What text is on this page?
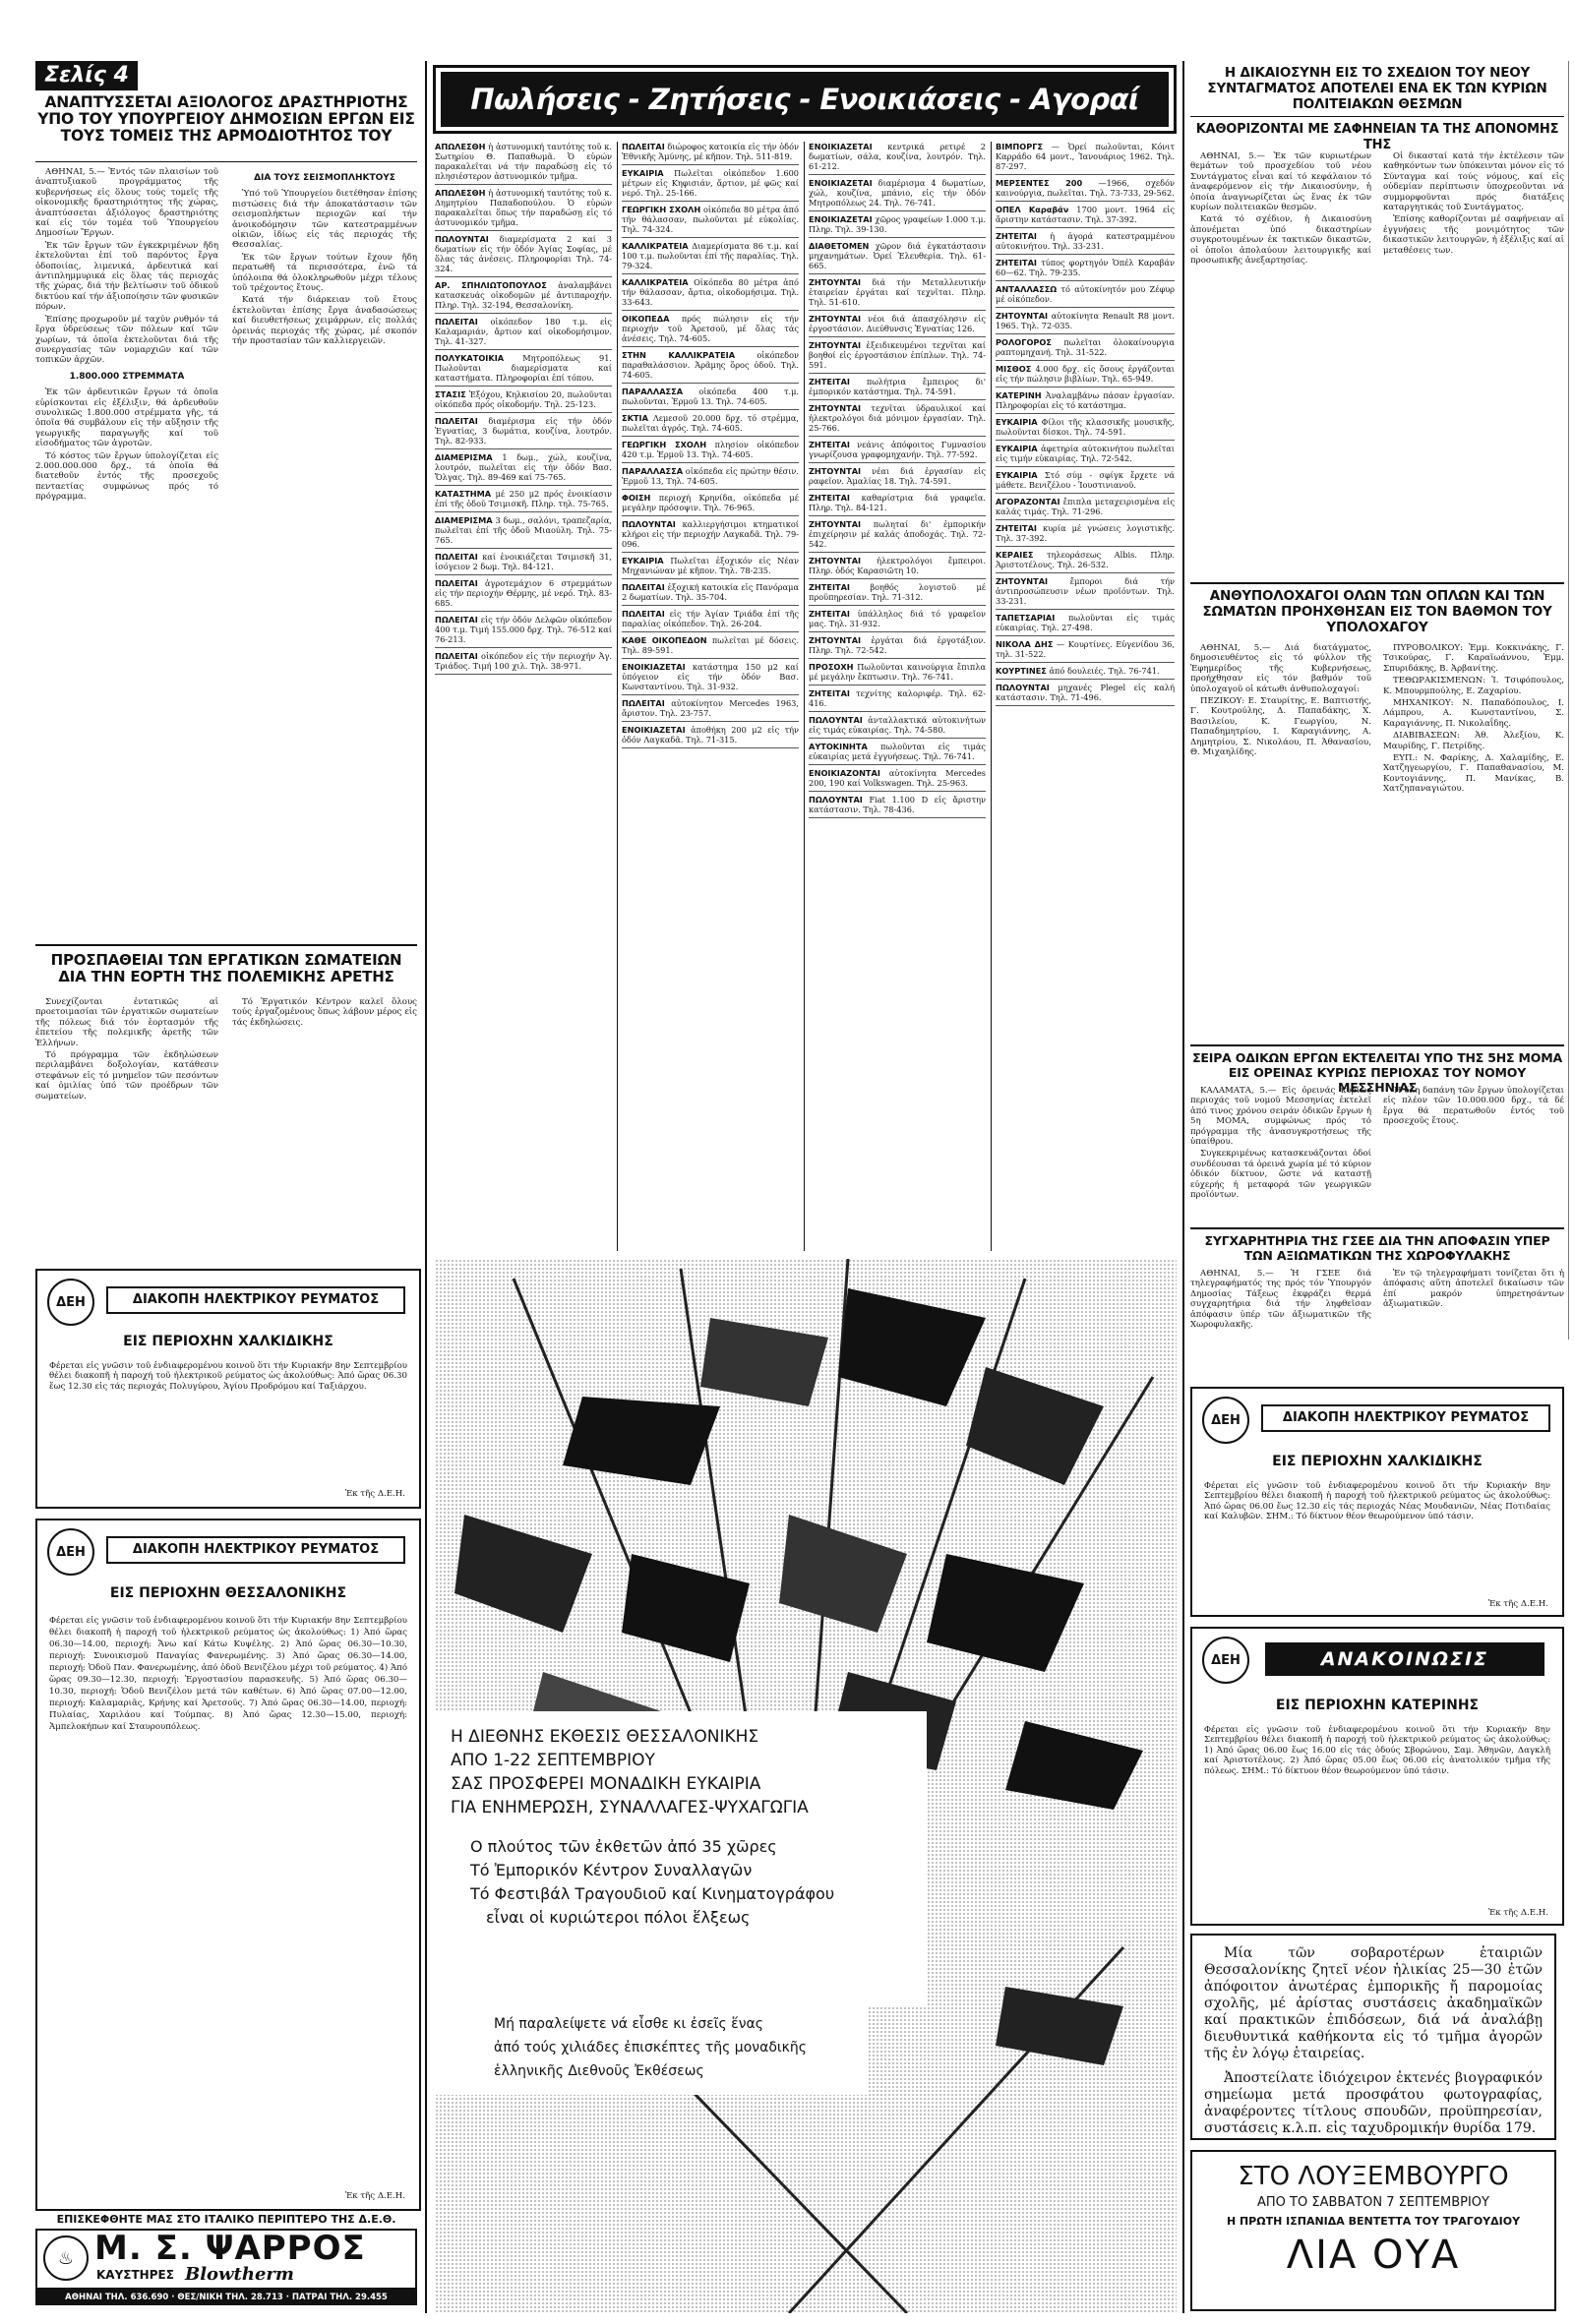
Σελίς 4
ΑΝΑΠΤΥΣΣΕΤΑΙ ΑΞΙΟΛΟΓΟΣ ΔΡΑΣΤΗΡΙΟΤΗΣ ΥΠΟ ΤΟΥ ΥΠΟΥΡΓΕΙΟΥ ΔΗΜΟΣΙΩΝ ΕΡΓΩΝ ΕΙΣ ΤΟΥΣ ΤΟΜΕΙΣ ΤΗΣ ΑΡΜΟΔΙΟΤΗΤΟΣ ΤΟΥ

ΑΘΗΝΑΙ, 5.— Ἐντός τῶν πλαισίων τοῦ ἀναπτυξιακοῦ προγράμματος τῆς κυβερνήσεως εἰς ὅλους τούς τομεῖς τῆς οἰκονομικῆς δραστηριότητος τῆς χώρας, ἀναπτύσσεται ἀξιόλογος δραστηριότης καί εἰς τόν τομέα τοῦ Ὑπουργείου Δημοσίων Ἔργων.

Ἐκ τῶν ἔργων τῶν ἐγκεκριμένων ἤδη ἐκτελοῦνται ἐπί τοῦ παρόντος ἔργα ὁδοποιίας, λιμενικά, ἀρδευτικά καί ἀντιπλημμυρικά εἰς ὅλας τάς περιοχάς τῆς χώρας, διά τήν βελτίωσιν τοῦ ὁδικοῦ δικτύου καί τήν ἀξιοποίησιν τῶν φυσικῶν πόρων.

Ἐπίσης προχωροῦν μέ ταχύν ρυθμόν τά ἔργα ὑδρεύσεως τῶν πόλεων καί τῶν χωρίων, τά ὁποῖα ἐκτελοῦνται διά τῆς συνεργασίας τῶν νομαρχιῶν καί τῶν τοπικῶν ἀρχῶν.

1.800.000 ΣΤΡΕΜΜΑΤΑ

Ἐκ τῶν ἀρδευτικῶν ἔργων τά ὁποῖα εὑρίσκονται εἰς ἐξέλιξιν, θά ἀρδευθοῦν συνολικῶς 1.800.000 στρέμματα γῆς, τά ὁποῖα θά συμβάλουν εἰς τήν αὔξησιν τῆς γεωργικῆς παραγωγῆς καί τοῦ εἰσοδήματος τῶν ἀγροτῶν.

Τό κόστος τῶν ἔργων ὑπολογίζεται εἰς 2.000.000.000 δρχ., τά ὁποῖα θά διατεθοῦν ἐντός τῆς προσεχοῦς πενταετίας συμφώνως πρός τό πρόγραμμα.

ΔΙΑ ΤΟΥΣ ΣΕΙΣΜΟΠΛΗΚΤΟΥΣ

Ὑπό τοῦ Ὑπουργείου διετέθησαν ἐπίσης πιστώσεις διά τήν ἀποκατάστασιν τῶν σεισμοπλήκτων περιοχῶν καί τήν ἀνοικοδόμησιν τῶν κατεστραμμένων οἰκιῶν, ἰδίως εἰς τάς περιοχάς τῆς Θεσσαλίας.

Ἐκ τῶν ἔργων τούτων ἔχουν ἤδη περατωθῆ τά περισσότερα, ἐνῶ τά ὑπόλοιπα θά ὁλοκληρωθοῦν μέχρι τέλους τοῦ τρέχοντος ἔτους.

Κατά τήν διάρκειαν τοῦ ἔτους ἐκτελοῦνται ἐπίσης ἔργα ἀναδασώσεως καί διευθετήσεως χειμάρρων, εἰς πολλάς ὀρεινάς περιοχάς τῆς χώρας, μέ σκοπόν τήν προστασίαν τῶν καλλιεργειῶν.

ΠΡΟΣΠΑΘΕΙΑΙ ΤΩΝ ΕΡΓΑΤΙΚΩΝ ΣΩΜΑΤΕΙΩΝ ΔΙΑ ΤΗΝ ΕΟΡΤΗ ΤΗΣ ΠΟΛΕΜΙΚΗΣ ΑΡΕΤΗΣ

Συνεχίζονται ἐντατικῶς αἱ προετοιμασίαι τῶν ἐργατικῶν σωματείων τῆς πόλεως διά τόν ἑορτασμόν τῆς ἐπετείου τῆς πολεμικῆς ἀρετῆς τῶν Ἑλλήνων.

Τό πρόγραμμα τῶν ἐκδηλώσεων περιλαμβάνει δοξολογίαν, κατάθεσιν στεφάνων εἰς τό μνημεῖον τῶν πεσόντων καί ὁμιλίας ὑπό τῶν προέδρων τῶν σωματείων.

Τό Ἐργατικόν Κέντρον καλεῖ ὅλους τούς ἐργαζομένους ὅπως λάβουν μέρος εἰς τάς ἐκδηλώσεις.

ΔΕΗ	ΔΙΑΚΟΠΗ ΗΛΕΚΤΡΙΚΟΥ ΡΕΥΜΑΤΟΣ
ΕΙΣ ΠΕΡΙΟΧΗΝ ΧΑΛΚΙΔΙΚΗΣ
Φέρεται εἰς γνῶσιν τοῦ ἐνδιαφερομένου κοινοῦ ὅτι τήν Κυριακήν 8ην Σεπτεμβρίου θέλει διακοπῆ ἡ παροχή τοῦ ἠλεκτρικοῦ ρεύματος ὡς ἀκολούθως: Ἀπό ὥρας 06.30 ἕως 12.30 εἰς τάς περιοχάς Πολυγύρου, Ἁγίου Προδρόμου καί Ταξιάρχου.
Ἐκ τῆς Δ.Ε.Η.
ΔΕΗ	ΔΙΑΚΟΠΗ ΗΛΕΚΤΡΙΚΟΥ ΡΕΥΜΑΤΟΣ
ΕΙΣ ΠΕΡΙΟΧΗΝ ΘΕΣΣΑΛΟΝΙΚΗΣ
Φέρεται εἰς γνῶσιν τοῦ ἐνδιαφερομένου κοινοῦ ὅτι τήν Κυριακήν 8ην Σεπτεμβρίου θέλει διακοπῆ ἡ παροχή τοῦ ἠλεκτρικοῦ ρεύματος ὡς ἀκολούθως: 1) Ἀπό ὥρας 06.30—14.00, περιοχή: Ἄνω καί Κάτω Κυψέλης. 2) Ἀπό ὥρας 06.30—10.30, περιοχή: Συνοικισμοῦ Παναγίας Φανερωμένης. 3) Ἀπό ὥρας 06.30—14.00, περιοχή: Ὁδοῦ Παν. Φανερωμένης, ἀπό ὁδοῦ Βενιζέλου μέχρι τοῦ ρεύματος. 4) Ἀπό ὥρας 09.30—12.30, περιοχή: Ἐργοστασίου παρασκευῆς. 5) Ἀπό ὥρας 06.30—10.30, περιοχή: Ὁδοῦ Βενιζέλου μετά τῶν καθέτων. 6) Ἀπό ὥρας 07.00—12.00, περιοχή: Καλαμαριᾶς, Κρήνης καί Ἀρετσοῦς. 7) Ἀπό ὥρας 06.30—14.00, περιοχή: Πυλαίας, Χαριλάου καί Τούμπας. 8) Ἀπό ὥρας 12.30—15.00, περιοχή: Ἀμπελοκήπων καί Σταυρουπόλεως.
Ἐκ τῆς Δ.Ε.Η.
ΕΠΙΣΚΕΦΘΗΤΕ ΜΑΣ ΣΤΟ ΙΤΑΛΙΚΟ ΠΕΡΙΠΤΕΡΟ ΤΗΣ Δ.Ε.Θ.
♨ Μ. Σ. ΨΑΡΡΟΣ
ΚΑΥΣΤΗΡΕΣ Blowtherm
ΑΘΗΝΑΙ ΤΗΛ. 636.690 · ΘΕΣ/ΝΙΚΗ ΤΗΛ. 28.713 · ΠΑΤΡΑΙ ΤΗΛ. 29.455
Πωλήσεις - Ζητήσεις - Ενοικιάσεις - Αγοραί
ΑΠΩΛΕΣΘΗ ἡ ἀστυνομική ταυτότης τοῦ κ. Σωτηρίου Θ. Παπαθωμᾶ. Ὁ εὑρών παρακαλεῖται νά τήν παραδώσῃ εἰς τό πλησιέστερον ἀστυνομικόν τμῆμα.
ΑΠΩΛΕΣΘΗ ἡ ἀστυνομική ταυτότης τοῦ κ. Δημητρίου Παπαδοπούλου. Ὁ εὑρών παρακαλεῖται ὅπως τήν παραδώσῃ εἰς τό ἀστυνομικόν τμῆμα.
ΠΩΛΟΥΝΤΑΙ διαμερίσματα 2 καί 3 δωματίων εἰς τήν ὁδόν Ἁγίας Σοφίας, μέ ὅλας τάς ἀνέσεις. Πληροφορίαι Τηλ. 74-324.
ΑΡ. ΣΠΗΛΙΩΤΟΠΟΥΛΟΣ ἀναλαμβάνει κατασκευάς οἰκοδομῶν μέ ἀντιπαροχήν. Πληρ. Τηλ. 32-194, Θεσσαλονίκη.
ΠΩΛΕΙΤΑΙ οἰκόπεδον 180 τ.μ. εἰς Καλαμαριάν, ἄρτιον καί οἰκοδομήσιμον. Τηλ. 41-327.
ΠΟΛΥΚΑΤΟΙΚΙΑ Μητροπόλεως 91. Πωλοῦνται διαμερίσματα καί καταστήματα. Πληροφορίαι ἐπί τόπου.
ΣΤΑΣΙΣ Ἐξόχου, Κηλκισίου 20, πωλοῦνται οἰκόπεδα πρός οἰκοδομήν. Τηλ. 25-123.
ΠΩΛΕΙΤΑΙ διαμέρισμα εἰς τήν ὁδόν Ἐγνατίας, 3 δωμάτια, κουζίνα, λουτρόν. Τηλ. 82-933.
ΔΙΑΜΕΡΙΣΜΑ 1 δωμ., χώλ, κουζίνα, λουτρόν, πωλεῖται εἰς τήν ὁδόν Βασ. Ὄλγας. Τηλ. 89-469 καί 75-765.
ΚΑΤΑΣΤΗΜΑ μέ 250 μ2 πρός ἐνοικίασιν ἐπί τῆς ὁδοῦ Τσιμισκῆ. Πληρ. τηλ. 75-765.
ΔΙΑΜΕΡΙΣΜΑ 3 δωμ., σαλόνι, τραπεζαρία, πωλεῖται ἐπί τῆς ὁδοῦ Μιαούλη. Τηλ. 75-765.
ΠΩΛΕΙΤΑΙ καί ἐνοικιάζεται Τσιμισκῆ 31, ἰσόγειον 2 δωμ. Τηλ. 84-121.
ΠΩΛΕΙΤΑΙ ἀγροτεμάχιον 6 στρεμμάτων εἰς τήν περιοχήν Θέρμης, μέ νερό. Τηλ. 83-685.
ΠΩΛΕΙΤΑΙ εἰς τήν ὁδόν Δελφῶν οἰκόπεδον 400 τ.μ. Τιμή 155.000 δρχ. Τηλ. 76-512 καί 76-213.
ΠΩΛΕΙΤΑΙ οἰκόπεδον εἰς τήν περιοχήν Ἀγ. Τριάδος. Τιμή 100 χιλ. Τηλ. 38-971.
ΠΩΛΕΙΤΑΙ διώροφος κατοικία εἰς τήν ὁδόν Ἐθνικῆς Ἀμύνης, μέ κῆπον. Τηλ. 511-819.
ΕΥΚΑΙΡΙΑ Πωλεῖται οἰκόπεδον 1.600 μέτρων εἰς Κηφισιάν, ἄρτιον, μέ φῶς καί νερό. Τηλ. 25-166.
ΓΕΩΡΓΙΚΗ ΣΧΟΛΗ οἰκόπεδα 80 μέτρα ἀπό τήν θάλασσαν, πωλοῦνται μέ εὐκολίας. Τηλ. 74-324.
ΚΑΛΛΙΚΡΑΤΕΙΑ Διαμερίσματα 86 τ.μ. καί 100 τ.μ. πωλοῦνται ἐπί τῆς παραλίας. Τηλ. 79-324.
ΚΑΛΛΙΚΡΑΤΕΙΑ Οἰκόπεδα 80 μέτρα ἀπό τήν θάλασσαν, ἄρτια, οἰκοδομήσιμα. Τηλ. 33-643.
ΟΙΚΟΠΕΔΑ πρός πώλησιν εἰς τήν περιοχήν τοῦ Ἀρετσοῦ, μέ ὅλας τάς ἀνέσεις. Τηλ. 74-605.
ΣΤΗΝ ΚΑΛΛΙΚΡΑΤΕΙΑ	οἰκόπεδον παραθαλάσσιον. Ἀρᾶμης ὅρος ὁδοῦ. Τηλ. 74-605.
ΠΑΡΑΛΛΑΣΣΑ οἰκόπεδα 400 τ.μ. πωλοῦνται. Ἐρμοῦ 13. Τηλ. 74-605.
ΣΚΤΙΑ Λεμεσοῦ 20.000 δρχ. τό στρέμμα, πωλεῖται ἀγρός. Τηλ. 74-605.
ΓΕΩΡΓΙΚΗ ΣΧΟΛΗ πλησίον οἰκόπεδον 420 τ.μ. Ἐρμοῦ 13. Τηλ. 74-605.
ΠΑΡΑΛΛΑΣΣΑ οἰκόπεδα εἰς πρώτην θέσιν. Ἐρμοῦ 13, Τηλ. 74-605.
ΦΟΙΣΗ περιοχή Κρηνίδα, οἰκόπεδα μέ μεγάλην πρόσοψιν. Τηλ. 76-965.
ΠΩΛΟΥΝΤΑΙ καλλιεργήσιμοι κτηματικοί κλήροι εἰς τήν περιοχήν Λαγκαδᾶ. Τηλ. 79-096.
ΕΥΚΑΙΡΙΑ Πωλεῖται ἐξοχικόν εἰς Νέαν Μηχανιώναν μέ κῆπον. Τηλ. 78-235.
ΠΩΛΕΙΤΑΙ ἐξοχική κατοικία εἰς Πανόραμα 2 δωματίων. Τηλ. 35-704.
ΠΩΛΕΙΤΑΙ εἰς τήν Ἁγίαν Τριάδα ἐπί τῆς παραλίας οἰκόπεδον. Τηλ. 26-204.
ΚΑΘΕ ΟΙΚΟΠΕΔΟΝ πωλεῖται μέ δόσεις. Τηλ. 89-591.
ΕΝΟΙΚΙΑΖΕΤΑΙ κατάστημα 150 μ2 καί ὑπόγειον εἰς τήν ὁδόν Βασ. Κωνσταντίνου. Τηλ. 31-932.
ΠΩΛΕΙΤΑΙ αὐτοκίνητον Mercedes 1963, ἄριστον. Τηλ. 23-757.
ΕΝΟΙΚΙΑΖΕΤΑΙ ἀποθήκη 200 μ2 εἰς τήν ὁδόν Λαγκαδᾶ. Τηλ. 71-315.
ΕΝΟΙΚΙΑΖΕΤΑΙ κεντρικά ρετιρέ 2 δωματίων, σάλα, κουζίνα, λουτρόν. Τηλ. 61-212.
ΕΝΟΙΚΙΑΖΕΤΑΙ διαμέρισμα 4 δωματίων, χώλ, κουζίνα, μπάνιο, εἰς τήν ὁδόν Μητροπόλεως 24. Τηλ. 76-741.
ΕΝΟΙΚΙΑΖΕΤΑΙ χῶρος γραφείων 1.000 τ.μ. Πληρ. Τηλ. 39-130.
ΔΙΑΘΕΤΟΜΕΝ χῶρον διά ἐγκατάστασιν μηχανημάτων. Ὀρεί Ἐλευθερία. Τηλ. 61-665.
ΖΗΤΟΥΝΤΑΙ διά τήν Μεταλλευτικήν ἑταιρείαν ἐργάται καί τεχνῖται. Πληρ. Τηλ. 51-610.
ΖΗΤΟΥΝΤΑΙ νέοι διά ἀπασχόλησιν εἰς ἐργοστάσιον. Διεύθυνσις Ἐγνατίας 126.
ΖΗΤΟΥΝΤΑΙ ἐξειδικευμένοι τεχνῖται καί βοηθοί εἰς ἐργοστάσιον ἐπίπλων. Τηλ. 74-591.
ΖΗΤΕΙΤΑΙ πωλήτρια ἔμπειρος δι' ἐμπορικόν κατάστημα. Τηλ. 74-591.
ΖΗΤΟΥΝΤΑΙ τεχνῖται ὑδραυλικοί καί ἠλεκτρολόγοι διά μόνιμον ἐργασίαν. Τηλ. 25-766.
ΖΗΤΕΙΤΑΙ νεάνις ἀπόφοιτος Γυμνασίου γνωρίζουσα γραφομηχανήν. Τηλ. 77-592.
ΖΗΤΟΥΝΤΑΙ νέαι διά ἐργασίαν εἰς ραφεῖον. Ἀμαλίας 18. Τηλ. 74-591.
ΖΗΤΕΙΤΑΙ καθαρίστρια διά γραφεῖα. Πληρ. Τηλ. 84-121.
ΖΗΤΟΥΝΤΑΙ πωληταί δι' ἐμπορικήν ἐπιχείρησιν μέ καλάς ἀποδοχάς. Τηλ. 72-542.
ΖΗΤΟΥΝΤΑΙ ἡλεκτρολόγοι ἔμπειροι. Πληρ. ὁδός Καρασιῶτη 10.
ΖΗΤΕΙΤΑΙ βοηθός λογιστοῦ μέ προϋπηρεσίαν. Τηλ. 71-312.
ΖΗΤΕΙΤΑΙ ὑπάλληλος διά τό γραφεῖον μας. Τηλ. 31-932.
ΖΗΤΟΥΝΤΑΙ ἐργάται διά ἐργοτάξιον. Πληρ. Τηλ. 72-542.
ΠΡΟΣΟΧΗ Πωλοῦνται καινούργια ἔπιπλα μέ μεγάλην ἔκπτωσιν. Τηλ. 76-741.
ΖΗΤΕΙΤΑΙ τεχνίτης καλοριφέρ. Τηλ. 62-416.
ΠΩΛΟΥΝΤΑΙ ἀνταλλακτικά αὐτοκινήτων εἰς τιμάς εὐκαιρίας. Τηλ. 74-580.
ΑΥΤΟΚΙΝΗΤΑ πωλοῦνται εἰς τιμάς εὐκαιρίας μετά ἐγγυήσεως. Τηλ. 76-741.
ΕΝΟΙΚΙΑΖΟΝΤΑΙ αὐτοκίνητα Mercedes 200, 190 καί Volkswagen. Τηλ. 25-963.
ΠΩΛΟΥΝΤΑΙ Fiat 1.100 D εἰς ἄριστην κατάστασιν. Τηλ. 78-436.
ΒΙΜΠΟΡΓΣ — Ὁρεί πωλοῦνται, Κόνιτ Καρράδο 64 μοντ., Ἰανουάριος 1962. Τηλ. 87-297.
ΜΕΡΣΕΝΤΕΣ 200 —1966, σχεδόν καινούργια, πωλεῖται. Τηλ. 73-733, 29-562.
ΟΠΕΛ Καραβάν 1700 μοντ. 1964 εἰς ἄριστην κατάστασιν. Τηλ. 37-392.
ΖΗΤΕΙΤΑΙ ἡ ἀγορά κατεστραμμένου αὐτοκινήτου. Τηλ. 33-231.
ΖΗΤΕΙΤΑΙ τύπος φορτηγόν Ὁπέλ Καραβάν 60—62. Τηλ. 79-235.
ΑΝΤΑΛΛΑΣΣΩ τό αὐτοκίνητόν μου Ζέφυρ μέ οἰκόπεδον.
ΖΗΤΟΥΝΤΑΙ αὐτοκίνητα Renault R8 μοντ. 1965. Τηλ. 72-035.
ΡΟΛΟΓΟΡΟΣ πωλεῖται ὁλοκαίνουργια ραπτομηχανή. Τηλ. 31-522.
ΜΙΣΘΟΣ 4.000 δρχ. εἰς ὅσους ἐργάζονται εἰς τήν πώλησιν βιβλίων. Τηλ. 65-949.
ΚΑΤΕΡΙΝΗ Ἀναλαμβάνω πάσαν ἐργασίαν. Πληροφορίαι εἰς τό κατάστημα.
ΕΥΚΑΙΡΙΑ Φίλοι τῆς κλασσικῆς μουσικῆς, πωλοῦνται δίσκοι. Τηλ. 74-591.
ΕΥΚΑΙΡΙΑ ἀφετηρία αὐτοκινήτου πωλεῖται εἰς τιμήν εὐκαιρίας. Τηλ. 72-542.
ΕΥΚΑΙΡΙΑ Στό σύμ - σφίγκ ἔρχετε νά μάθετε. Βενιζέλου - Ἰουστινιανοῦ.
ΑΓΟΡΑΖΟΝΤΑΙ ἔπιπλα μεταχειρισμένα εἰς καλάς τιμάς. Τηλ. 71-296.
ΖΗΤΕΙΤΑΙ κυρία μέ γνώσεις λογιστικῆς. Τηλ. 37-392.
ΚΕΡΑΙΕΣ τηλεοράσεως Albis. Πληρ. Ἀριστοτέλους. Τηλ. 26-532.
ΖΗΤΟΥΝΤΑΙ	ἔμποροι διά τήν ἀντιπροσώπευσιν νέων προϊόντων. Τηλ. 33-231.
ΤΑΠΕΤΣΑΡΙΑΙ πωλοῦνται εἰς τιμάς εὐκαιρίας. Τηλ. 27-498.
ΝΙΚΟΛΑ ΔΗΣ — Κουρτίνες. Εὐγενίδου 36, τηλ. 31-522.
ΚΟΥΡΤΙΝΕΣ ἀπό δουλειές. Τηλ. 76-741.
ΠΩΛΟΥΝΤΑΙ μηχανές Plegel εἰς καλή κατάστασιν. Τηλ. 71-496.
Η ΔΙΕΘΝΗΣ ΕΚΘΕΣΙΣ ΘΕΣΣΑΛΟΝΙΚΗΣ
ΑΠΟ 1-22 ΣΕΠΤΕΜΒΡΙΟΥ
ΣΑΣ ΠΡΟΣΦΕΡΕΙ ΜΟΝΑΔΙΚΗ ΕΥΚΑΙΡΙΑ
ΓΙΑ ΕΝΗΜΕΡΩΣΗ, ΣΥΝΑΛΛΑΓΕΣ-ΨΥΧΑΓΩΓΙΑ
Ο πλούτος τῶν ἐκθετῶν ἀπό 35 χῶρες
Τό Ἐμπορικόν Κέντρον Συναλλαγῶν
Τό Φεστιβάλ Τραγουδιοῦ καί Κινηματογράφου
εἶναι οἱ κυριώτεροι πόλοι ἕλξεως
Μή παραλείψετε νά εἶσθε κι ἐσεῖς ἕνας
ἀπό τούς χιλιάδες ἐπισκέπτες τῆς μοναδικῆς
ἑλληνικῆς Διεθνοῦς Ἐκθέσεως
Η ΔΙΚΑΙΟΣΥΝΗ ΕΙΣ ΤΟ ΣΧΕΔΙΟΝ ΤΟΥ ΝΕΟΥ ΣΥΝΤΑΓΜΑΤΟΣ ΑΠΟΤΕΛΕΙ ΕΝΑ ΕΚ ΤΩΝ ΚΥΡΙΩΝ ΠΟΛΙΤΕΙΑΚΩΝ ΘΕΣΜΩΝ
ΚΑΘΟΡΙΖΟΝΤΑΙ ΜΕ ΣΑΦΗΝΕΙΑΝ ΤΑ ΤΗΣ ΑΠΟΝΟΜΗΣ ΤΗΣ

ΑΘΗΝΑΙ, 5.— Ἐκ τῶν κυριωτέρων θεμάτων τοῦ προσχεδίου τοῦ νέου Συντάγματος εἶναι καί τό κεφάλαιον τό ἀναφερόμενον εἰς τήν Δικαιοσύνην, ἡ ὁποία ἀναγνωρίζεται ὡς ἕνας ἐκ τῶν κυρίων πολιτειακῶν θεσμῶν.

Κατά τό σχέδιον, ἡ Δικαιοσύνη ἀπονέμεται ὑπό δικαστηρίων συγκροτουμένων ἐκ τακτικῶν δικαστῶν, οἱ ὁποῖοι ἀπολαύουν λειτουργικῆς καί προσωπικῆς ἀνεξαρτησίας.

Οἱ δικασταί κατά τήν ἐκτέλεσιν τῶν καθηκόντων των ὑπόκεινται μόνον εἰς τό Σύνταγμα καί τούς νόμους, καί εἰς οὐδεμίαν περίπτωσιν ὑποχρεοῦνται νά συμμορφοῦνται πρός διατάξεις καταργητικάς τοῦ Συντάγματος.

Ἐπίσης καθορίζονται μέ σαφήνειαν αἱ ἐγγυήσεις τῆς μονιμότητος τῶν δικαστικῶν λειτουργῶν, ἡ ἐξέλιξις καί αἱ μεταθέσεις των.

ΑΝΘΥΠΟΛΟΧΑΓΟΙ ΟΛΩΝ ΤΩΝ ΟΠΛΩΝ ΚΑΙ ΤΩΝ ΣΩΜΑΤΩΝ ΠΡΟΗΧΘΗΣΑΝ ΕΙΣ ΤΟΝ ΒΑΘΜΟΝ ΤΟΥ ΥΠΟΛΟΧΑΓΟΥ

ΑΘΗΝΑΙ, 5.— Διά διατάγματος, δημοσιευθέντος εἰς τό φύλλον τῆς Ἐφημερίδος τῆς Κυβερνήσεως, προήχθησαν εἰς τόν βαθμόν τοῦ ὑπολοχαγοῦ οἱ κάτωθι ἀνθυπολοχαγοί:

ΠΕΖΙΚΟΥ: Ε. Σταυρίτης, Ε. Βαπτιστής, Γ. Κουτρούλης, Δ. Παπαδάκης, Χ. Βασιλείου, Κ. Γεωργίου, Ν. Παπαδημητρίου, Ι. Καραγιάννης, Α. Δημητρίου, Σ. Νικολάου, Π. Ἀθανασίου, Θ. Μιχαηλίδης.

ΠΥΡΟΒΟΛΙΚΟΥ: Ἐμμ. Κοκκινάκης, Γ. Τσικούρας, Γ. Καραϊωάννου, Ἐμμ. Σπυριδάκης, Β. Ἀρβανίτης.

ΤΕΘΩΡΑΚΙΣΜΕΝΩΝ: Ἰ. Τσιφόπουλος, Κ. Μπουρμπούλης, Ε. Ζαχαρίου.

ΜΗΧΑΝΙΚΟΥ: Ν. Παπαδόπουλος, Ι. Λάμπρου, Α. Κωνσταντίνου, Σ. Καραγιάννης, Π. Νικολαΐδης.

ΔΙΑΒΙΒΑΣΕΩΝ: Ἀθ. Ἀλεξίου, Κ. Μαυρίδης, Γ. Πετρίδης.

ΕΥΠ.: Ν. Φαρίκης, Δ. Χαλαμίδης, Ε. Χατζηγεωργίου, Γ. Παπαθανασίου, Μ. Κοντογιάννης, Π. Μανίκας, Β. Χατζηπαναγιώτου.

ΣΕΙΡΑ ΟΔΙΚΩΝ ΕΡΓΩΝ ΕΚΤΕΛΕΙΤΑΙ ΥΠΟ ΤΗΣ 5ΗΣ ΜΟΜΑ ΕΙΣ ΟΡΕΙΝΑΣ ΚΥΡΙΩΣ ΠΕΡΙΟΧΑΣ ΤΟΥ ΝΟΜΟΥ ΜΕΣΣΗΝΙΑΣ

ΚΑΛΑΜΑΤΑ, 5.— Εἰς ὀρεινάς κυρίως περιοχάς τοῦ νομοῦ Μεσσηνίας ἐκτελεῖ ἀπό τινος χρόνου σειράν ὁδικῶν ἔργων ἡ 5η ΜΟΜΑ, συμφώνως πρός τό πρόγραμμα τῆς ἀνασυγκροτήσεως τῆς ὑπαίθρου.

Συγκεκριμένως κατασκευάζονται ὁδοί συνδέουσαι τά ὀρεινά χωρία μέ τό κύριον ὁδικόν δίκτυον, ὥστε νά καταστῇ εὐχερής ἡ μεταφορά τῶν γεωργικῶν προϊόντων.

Ἡ ὅλη δαπάνη τῶν ἔργων ὑπολογίζεται εἰς πλέον τῶν 10.000.000 δρχ., τά δέ ἔργα θά περατωθοῦν ἐντός τοῦ προσεχοῦς ἔτους.

ΣΥΓΧΑΡΗΤΗΡΙΑ ΤΗΣ ΓΣΕΕ ΔΙΑ ΤΗΝ ΑΠΟΦΑΣΙΝ ΥΠΕΡ ΤΩΝ ΑΞΙΩΜΑΤΙΚΩΝ ΤΗΣ ΧΩΡΟΦΥΛΑΚΗΣ

ΑΘΗΝΑΙ, 5.— Ἡ ΓΣΕΕ διά τηλεγραφήματός της πρός τόν Ὑπουργόν Δημοσίας Τάξεως ἐκφράζει θερμά συγχαρητήρια διά τήν ληφθεῖσαν ἀπόφασιν ὑπέρ τῶν ἀξιωματικῶν τῆς Χωροφυλακῆς.

Ἐν τῷ τηλεγραφήματι τονίζεται ὅτι ἡ ἀπόφασις αὕτη ἀποτελεῖ δικαίωσιν τῶν ἐπί μακρόν ὑπηρετησάντων ἀξιωματικῶν.

ΔΕΗ	ΔΙΑΚΟΠΗ ΗΛΕΚΤΡΙΚΟΥ ΡΕΥΜΑΤΟΣ
ΕΙΣ ΠΕΡΙΟΧΗΝ ΧΑΛΚΙΔΙΚΗΣ
Φέρεται εἰς γνῶσιν τοῦ ἐνδιαφερομένου κοινοῦ ὅτι τήν Κυριακήν 8ην Σεπτεμβρίου θέλει διακοπῆ ἡ παροχή τοῦ ἠλεκτρικοῦ ρεύματος ὡς ἀκολούθως: Ἀπό ὥρας 06.00 ἕως 12.30 εἰς τάς περιοχάς Νέας Μουδανιῶν, Νέας Ποτιδαίας καί Καλυβῶν. ΣΗΜ.: Τό δίκτυον θέον θεωρούμενον ὑπό τάσιν.
Ἐκ τῆς Δ.Ε.Η.
ΔΕΗ	ΑΝΑΚΟΙΝΩΣΙΣ
ΕΙΣ ΠΕΡΙΟΧΗΝ ΚΑΤΕΡΙΝΗΣ
Φέρεται εἰς γνῶσιν τοῦ ἐνδιαφερομένου κοινοῦ ὅτι τήν Κυριακήν 8ην Σεπτεμβρίου θέλει διακοπῆ ἡ παροχή τοῦ ἠλεκτρικοῦ ρεύματος ὡς ἀκολούθως: 1) Ἀπό ὥρας 06.00 ἕως 16.00 εἰς τάς ὁδούς Σβορώνου, Σαμ. Ἀθηνῶν, Δαγκλῆ καί Ἀριστοτέλους. 2) Ἀπό ὥρας 05.00 ἕως 06.00 εἰς ἀνατολικόν τμῆμα τῆς πόλεως. ΣΗΜ.: Τό δίκτυον θέον θεωρούμενον ὑπό τάσιν.
Ἐκ τῆς Δ.Ε.Η.
Μία τῶν σοβαροτέρων ἑταιριῶν Θεσσαλονίκης ζητεῖ νέον ἡλικίας 25—30 ἐτῶν ἀπόφοιτον ἀνωτέρας ἐμπορικῆς ἤ παρομοίας σχολῆς, μέ ἀρίστας συστάσεις ἀκαδημαϊκῶν καί πρακτικῶν ἐπιδόσεων, διά νά ἀναλάβῃ διευθυντικά καθήκοντα εἰς τό τμῆμα ἀγορῶν τῆς ἐν λόγῳ ἑταιρείας.
Ἀποστείλατε ἰδιόχειρον ἐκτενές βιογραφικόν σημείωμα μετά προσφάτου φωτογραφίας, ἀναφέροντες τίτλους σπουδῶν, προϋπηρεσίαν, συστάσεις κ.λ.π. εἰς ταχυδρομικήν θυρίδα 179.
ΣΤΟ ΛΟΥΞΕΜΒΟΥΡΓΟ
ΑΠΟ ΤΟ ΣΑΒΒΑΤΟΝ 7 ΣΕΠΤΕΜΒΡΙΟΥ
Η ΠΡΩΤΗ ΙΣΠΑΝΙΔΑ ΒΕΝΤΕΤΤΑ ΤΟΥ ΤΡΑΓΟΥΔΙΟΥ
ΛΙΑ ΟΥΑ
